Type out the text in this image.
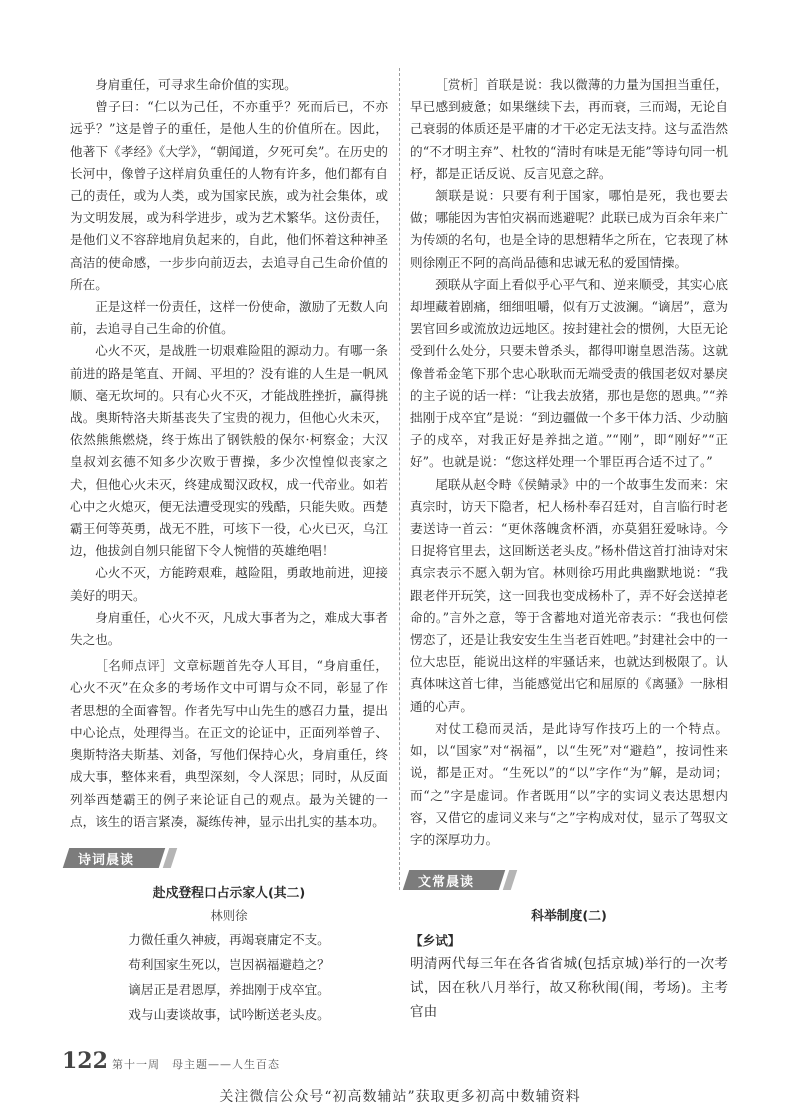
身肩重任，可寻求生命价值的实现。

曾子曰：“仁以为己任，不亦重乎？死而后已，不亦远乎？”这是曾子的重任，是他人生的价值所在。因此，他著下《孝经》《大学》，“朝闻道，夕死可矣”。在历史的长河中，像曾子这样肩负重任的人物有许多，他们都有自己的责任，或为人类，或为国家民族，或为社会集体，或为文明发展，或为科学进步，或为艺术繁华。这份责任，是他们义不容辞地肩负起来的，自此，他们怀着这种神圣高洁的使命感，一步步向前迈去，去追寻自己生命价值的所在。

正是这样一份责任，这样一份使命，激励了无数人向前，去追寻自己生命的价值。

心火不灭，是战胜一切艰难险阻的源动力。有哪一条前进的路是笔直、开阔、平坦的？没有谁的人生是一帆风顺、毫无坎坷的。只有心火不灭，才能战胜挫折，赢得挑战。奥斯特洛夫斯基丧失了宝贵的视力，但他心火未灭，依然熊熊燃烧，终于炼出了钢铁般的保尔·柯察金；大汉皇叔刘玄德不知多少次败于曹操，多少次惶惶似丧家之犬，但他心火未灭，终建成蜀汉政权，成一代帝业。如若心中之火熄灭，便无法遭受现实的残酷，只能失败。西楚霸王何等英勇，战无不胜，可垓下一役，心火已灭，乌江边，他拔剑自刎只能留下令人惋惜的英雄绝唱！

心火不灭，方能跨艰难，越险阻，勇敢地前进，迎接美好的明天。

身肩重任，心火不灭，凡成大事者为之，难成大事者失之也。

［名师点评］文章标题首先夺人耳目，“身肩重任，心火不灭”在众多的考场作文中可谓与众不同，彰显了作者思想的全面睿智。作者先写中山先生的感召力量，提出中心论点，处理得当。在正文的论证中，正面列举曾子、奥斯特洛夫斯基、刘备，写他们保持心火，身肩重任，终成大事，整体来看，典型深刻，令人深思；同时，从反面列举西楚霸王的例子来论证自己的观点。最为关键的一点，该生的语言紧凑，凝练传神，显示出扎实的基本功。

诗词晨读
赴戍登程口占示家人(其二)
林则徐

力微任重久神疲，再竭衰庸定不支。

苟利国家生死以，岂因祸福避趋之？

谪居正是君恩厚，养拙刚于戍卒宜。

戏与山妻谈故事，试吟断送老头皮。

［赏析］首联是说：我以微薄的力量为国担当重任，早已感到疲惫；如果继续下去，再而衰，三而竭，无论自己衰弱的体质还是平庸的才干必定无法支持。这与孟浩然的“不才明主弃”、杜牧的“清时有味是无能”等诗句同一机杼，都是正话反说、反言见意之辞。

颔联是说：只要有利于国家，哪怕是死，我也要去做；哪能因为害怕灾祸而逃避呢？此联已成为百余年来广为传颂的名句，也是全诗的思想精华之所在，它表现了林则徐刚正不阿的高尚品德和忠诚无私的爱国情操。

颈联从字面上看似乎心平气和、逆来顺受，其实心底却埋藏着剧痛，细细咀嚼，似有万丈波澜。“谪居”，意为罢官回乡或流放边远地区。按封建社会的惯例，大臣无论受到什么处分，只要未曾杀头，都得叩谢皇恩浩荡。这就像普希金笔下那个忠心耿耿而无端受责的俄国老奴对暴戾的主子说的话一样：“让我去放猪，那也是您的恩典。”“养拙刚于戍卒宜”是说：“到边疆做一个多干体力活、少动脑子的戍卒，对我正好是养拙之道。”“刚”，即“刚好”“正好”。也就是说：“您这样处理一个罪臣再合适不过了。”

尾联从赵令畤《侯鲭录》中的一个故事生发而来：宋真宗时，访天下隐者，杞人杨朴奉召廷对，自言临行时老妻送诗一首云：“更休落魄贪杯酒，亦莫猖狂爱咏诗。今日捉将官里去，这回断送老头皮。”杨朴借这首打油诗对宋真宗表示不愿入朝为官。林则徐巧用此典幽默地说：“我跟老伴开玩笑，这一回我也变成杨朴了，弄不好会送掉老命的。”言外之意，等于含蓄地对道光帝表示：“我也何偿愣恋了，还是让我安安生生当老百姓吧。”封建社会中的一位大忠臣，能说出这样的牢骚话来，也就达到极限了。认真体味这首七律，当能感觉出它和屈原的《离骚》一脉相通的心声。

对仗工稳而灵活，是此诗写作技巧上的一个特点。如，以“国家”对“祸福”，以“生死”对“避趋”，按词性来说，都是正对。“生死以”的“以”字作“为”解，是动词；而“之”字是虚词。作者既用“以”字的实词义表达思想内容，又借它的虚词义来与“之”字构成对仗，显示了驾驭文字的深厚功力。

文常晨读
科举制度(二)
【乡试】

明清两代每三年在各省省城(包括京城)举行的一次考试，因在秋八月举行，故又称秋闱(闱，考场)。主考官由

122 第十一周　母主题——人生百态
关注微信公众号“初高数辅站”获取更多初高中数辅资料
